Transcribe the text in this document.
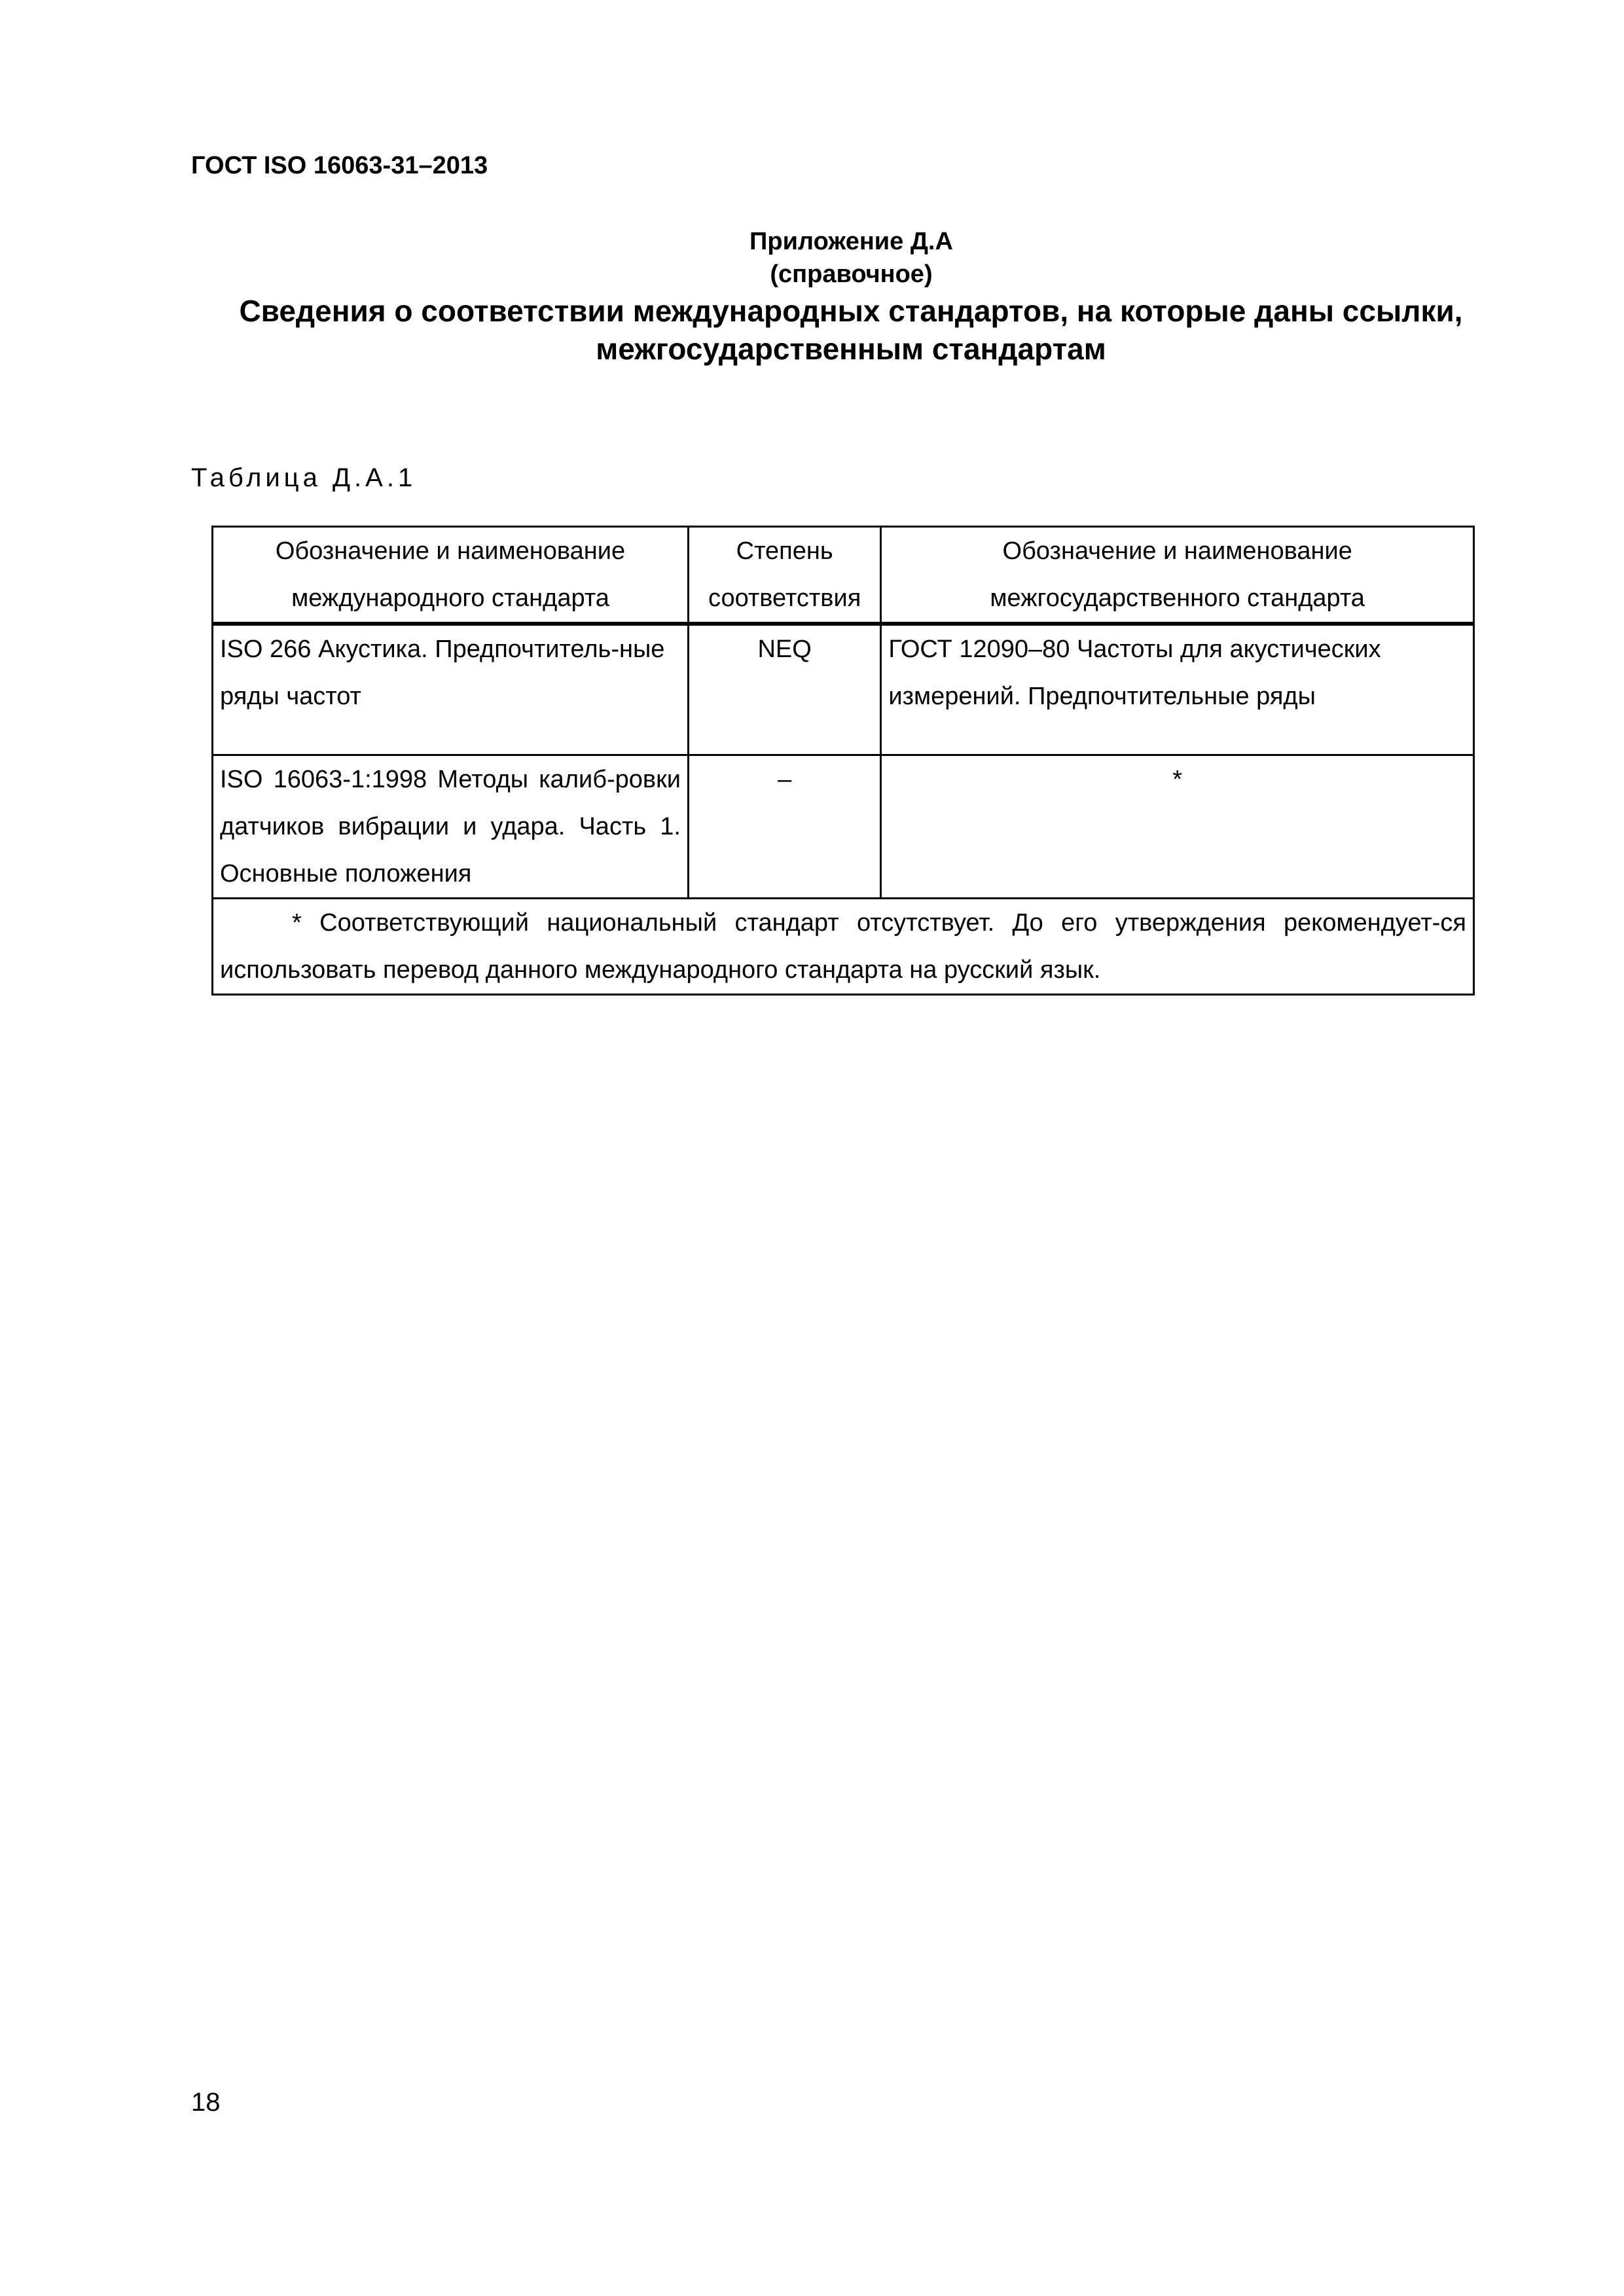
ГОСТ ISO 16063-31–2013
Приложение Д.А
(справочное)
Сведения о соответствии международных стандартов, на которые даны ссылки, межгосударственным стандартам
Таблица Д.А.1
Обозначение и наименование международного стандарта	Степень соответствия	Обозначение и наименование межгосударственного стандарта
ISO 266 Акустика. Предпочтитель-ные ряды частот	NEQ	ГОСТ 12090–80 Частоты для акустических измерений. Предпочтительные ряды
ISO 16063-1:1998 Методы калиб-ровки датчиков вибрации и удара. Часть 1. Основные положения	–	*
* Соответствующий национальный стандарт отсутствует. До его утверждения рекомендует-ся использовать перевод данного международного стандарта на русский язык.		
18
